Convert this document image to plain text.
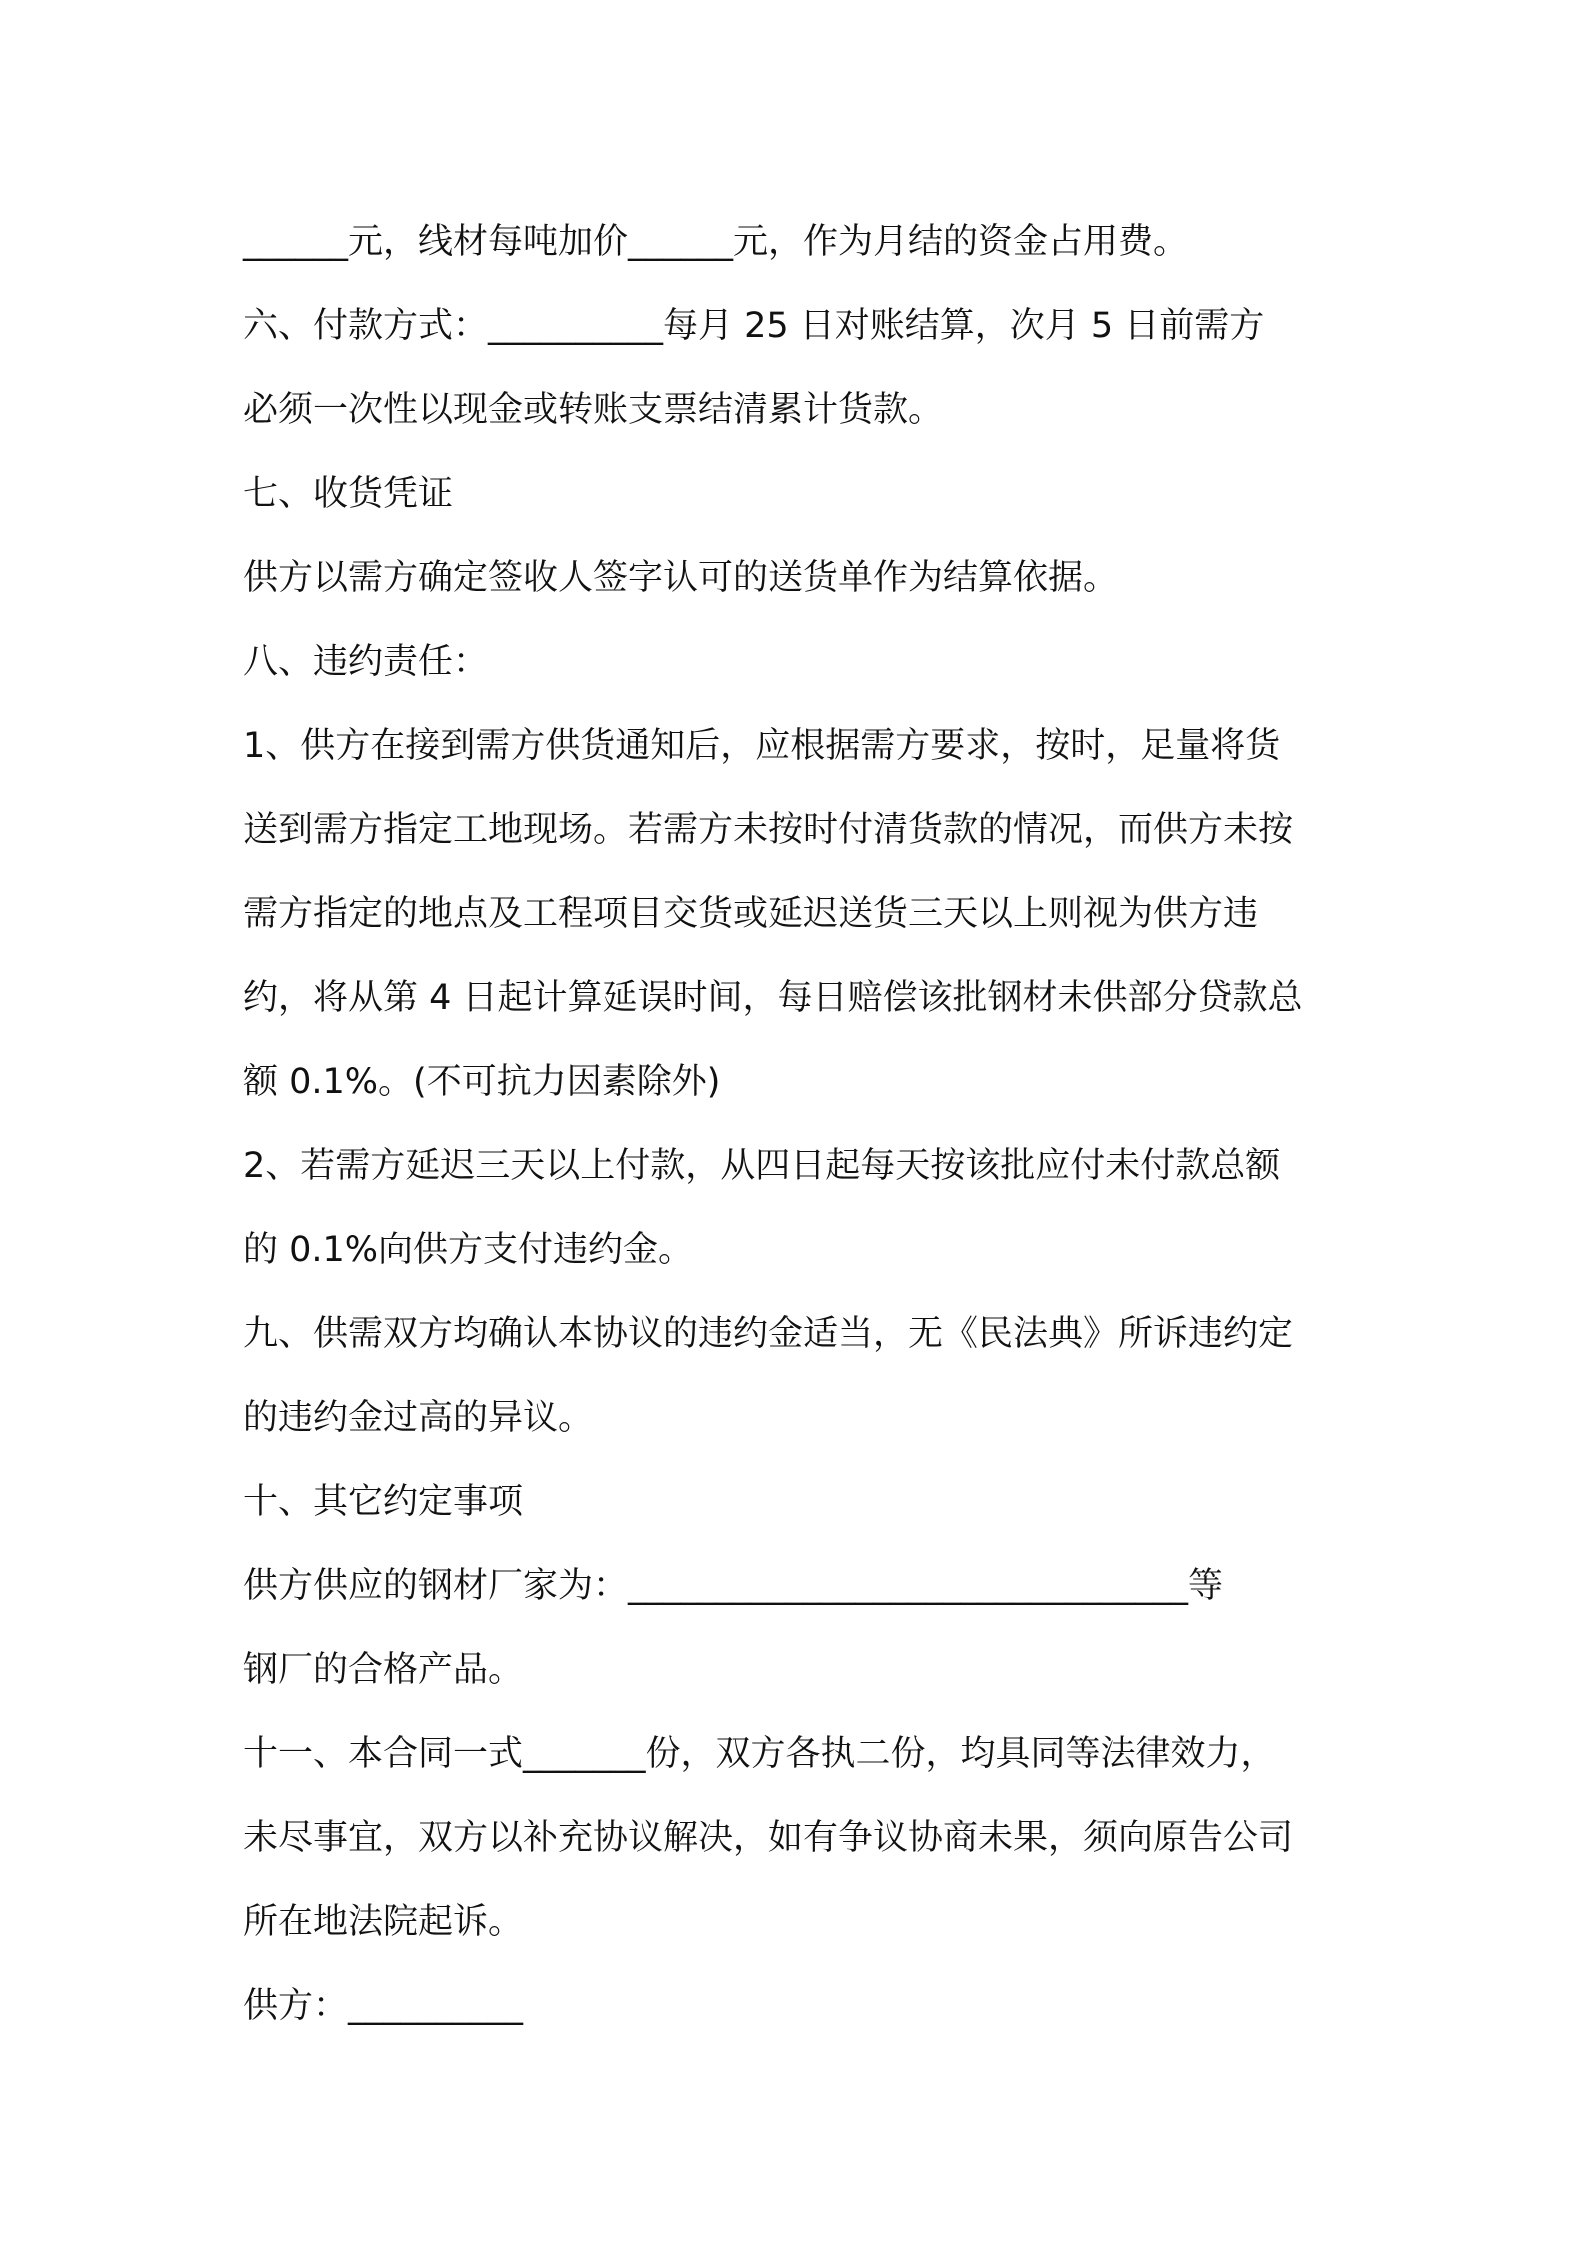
______元，线材每吨加价______元，作为月结的资金占用费。

六、付款方式：__________每月 25 日对账结算，次月 5 日前需方

必须一次性以现金或转账支票结清累计货款。

七、收货凭证

供方以需方确定签收人签字认可的送货单作为结算依据。

八、违约责任：

1、供方在接到需方供货通知后，应根据需方要求，按时，足量将货

送到需方指定工地现场。若需方未按时付清货款的情况，而供方未按

需方指定的地点及工程项目交货或延迟送货三天以上则视为供方违

约，将从第 4 日起计算延误时间，每日赔偿该批钢材未供部分贷款总

额 0.1%。(不可抗力因素除外)

2、若需方延迟三天以上付款，从四日起每天按该批应付未付款总额

的 0.1%向供方支付违约金。

九、供需双方均确认本协议的违约金适当，无《民法典》所诉违约定

的违约金过高的异议。

十、其它约定事项

供方供应的钢材厂家为：________________________________等

钢厂的合格产品。

十一、本合同一式_______份，双方各执二份，均具同等法律效力，

未尽事宜，双方以补充协议解决，如有争议协商未果，须向原告公司

所在地法院起诉。

供方：__________
